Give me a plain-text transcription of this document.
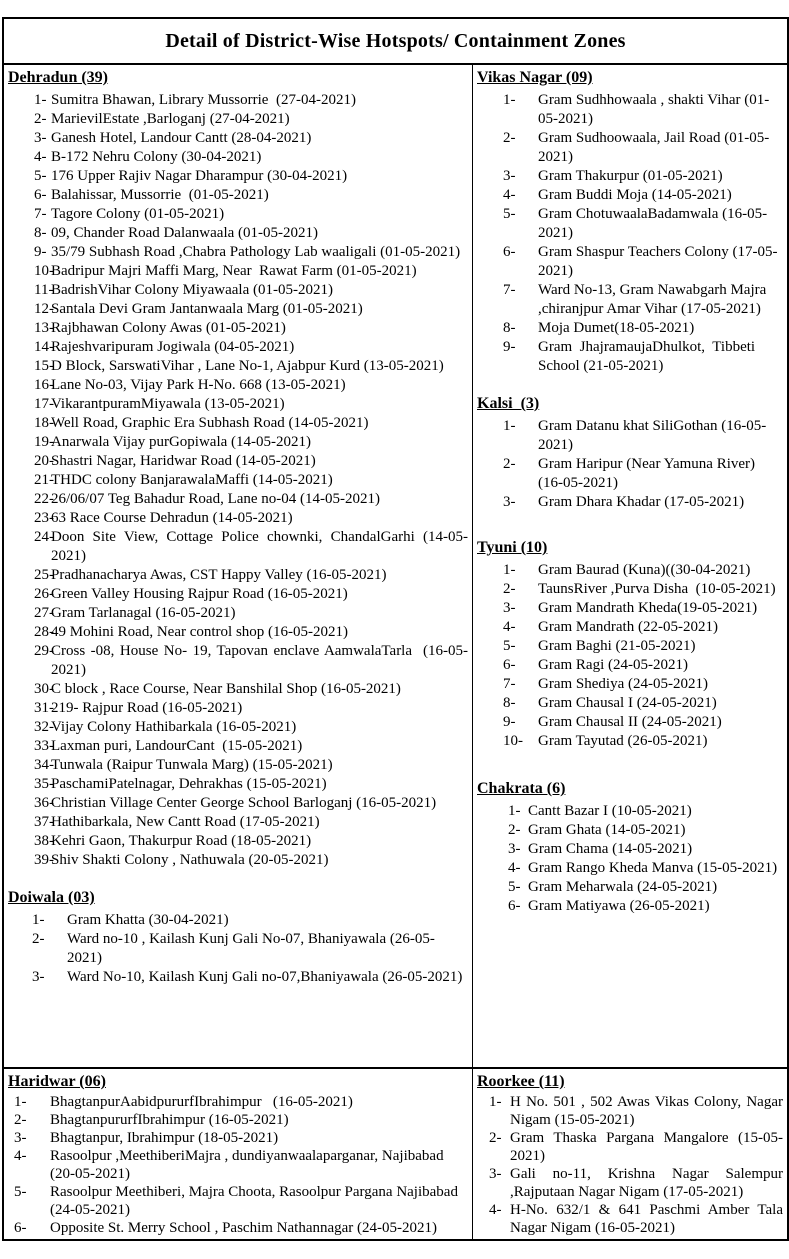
Detail of District-Wise Hotspots/ Containment Zones
Dehradun (39)
1- Sumitra Bhawan, Library Mussorrie  (27-04-2021)
2- MarievilEstate ,Barloganj (27-04-2021)
3- Ganesh Hotel, Landour Cantt (28-04-2021)
4- B-172 Nehru Colony (30-04-2021)
5- 176 Upper Rajiv Nagar Dharampur (30-04-2021)
6- Balahissar, Mussorrie  (01-05-2021)
7- Tagore Colony (01-05-2021)
8- 09, Chander Road Dalanwaala (01-05-2021)
9- 35/79 Subhash Road ,Chabra Pathology Lab waaligali (01-05-2021)
10-
Badripur Majri Maffi Marg, Near  Rawat Farm (01-05-2021)
11-
BadrishVihar Colony Miyawaala (01-05-2021)
12-
Santala Devi Gram Jantanwaala Marg (01-05-2021)
13-
Rajbhawan Colony Awas (01-05-2021)
14-
Rajeshvaripuram Jogiwala (04-05-2021)
15-
D Block, SarswatiVihar , Lane No-1, Ajabpur Kurd (13-05-2021)
16-
Lane No-03, Vijay Park H-No. 668 (13-05-2021)
17-
VikarantpuramMiyawala (13-05-2021)
18-
Well Road, Graphic Era Subhash Road (14-05-2021)
19-
Anarwala Vijay purGopiwala (14-05-2021)
20-
Shastri Nagar, Haridwar Road (14-05-2021)
21-
THDC colony BanjarawalaMaffi (14-05-2021)
22-
26/06/07 Teg Bahadur Road, Lane no-04 (14-05-2021)
23-
63 Race Course Dehradun (14-05-2021)
24-
Doon Site View, Cottage Police chownki, ChandalGarhi (14-05-2021)
25-
Pradhanacharya Awas, CST Happy Valley (16-05-2021)
26-
Green Valley Housing Rajpur Road (16-05-2021)
27-
Gram Tarlanagal (16-05-2021)
28-
49 Mohini Road, Near control shop (16-05-2021)
29-
Cross -08, House No- 19, Tapovan enclave AamwalaTarla  (16-05-2021)
30-
C block , Race Course, Near Banshilal Shop (16-05-2021)
31-
219- Rajpur Road (16-05-2021)
32-
Vijay Colony Hathibarkala (16-05-2021)
33-
Laxman puri, LandourCant  (15-05-2021)
34-
Tunwala (Raipur Tunwala Marg) (15-05-2021)
35-
PaschamiPatelnagar, Dehrakhas (15-05-2021)
36-
Christian Village Center George School Barloganj (16-05-2021)
37-
Hathibarkala, New Cantt Road (17-05-2021)
38-
Kehri Gaon, Thakurpur Road (18-05-2021)
39-
Shiv Shakti Colony , Nathuwala (20-05-2021)
Doiwala (03)
1- Gram Khatta (30-04-2021)
2- Ward no-10 , Kailash Kunj Gali No-07, Bhaniyawala (26-05-2021)
3- Ward No-10, Kailash Kunj Gali no-07,Bhaniyawala (26-05-2021)
Vikas Nagar (09)
1- Gram Sudhhowaala , shakti Vihar (01-05-2021)
2- Gram Sudhoowaala, Jail Road (01-05-2021)
3- Gram Thakurpur (01-05-2021)
4- Gram Buddi Moja (14-05-2021)
5- Gram ChotuwaalaBadamwala (16-05-2021)
6- Gram Shaspur Teachers Colony (17-05-2021)
7- Ward No-13, Gram Nawabgarh Majra ,chiranjpur Amar Vihar (17-05-2021)
8- Moja Dumet(18-05-2021)
9- Gram  JhajramaujaDhulkot,  Tibbeti School (21-05-2021)
Kalsi  (3)
1- Gram Datanu khat SiliGothan (16-05-2021)
2- Gram Haripur (Near Yamuna River) (16-05-2021)
3- Gram Dhara Khadar (17-05-2021)
Tyuni (10)
1- Gram Baurad (Kuna)((30-04-2021)
2- TaunsRiver ,Purva Disha  (10-05-2021)
3- Gram Mandrath Kheda(19-05-2021)
4- Gram Mandrath (22-05-2021)
5- Gram Baghi (21-05-2021)
6- Gram Ragi (24-05-2021)
7- Gram Shediya (24-05-2021)
8- Gram Chausal I (24-05-2021)
9- Gram Chausal II (24-05-2021)
10- Gram Tayutad (26-05-2021)
Chakrata (6)
1- Cantt Bazar I (10-05-2021)
2- Gram Ghata (14-05-2021)
3- Gram Chama (14-05-2021)
4- Gram Rango Kheda Manva (15-05-2021)
5- Gram Meharwala (24-05-2021)
6- Gram Matiyawa (26-05-2021)
Haridwar (06)
1- BhagtanpurAabidpururfIbrahimpur   (16-05-2021)
2- BhagtanpururfIbrahimpur (16-05-2021)
3- Bhagtanpur, Ibrahimpur (18-05-2021)
4- Rasoolpur ,MeethiberiMajra , dundiyanwaalaparganar, Najibabad (20-05-2021)
5- Rasoolpur Meethiberi, Majra Choota, Rasoolpur Pargana Najibabad (24-05-2021)
6- Opposite St. Merry School , Paschim Nathannagar (24-05-2021)
Roorkee (11)
1- H No. 501 , 502 Awas Vikas Colony, Nagar Nigam (15-05-2021)
2- Gram Thaska Pargana Mangalore (15-05-2021)
3- Gali no-11, Krishna Nagar Salempur ,Rajputaan Nagar Nigam (17-05-2021)
4- H-No. 632/1 & 641 Paschmi Amber Tala Nagar Nigam (16-05-2021)
